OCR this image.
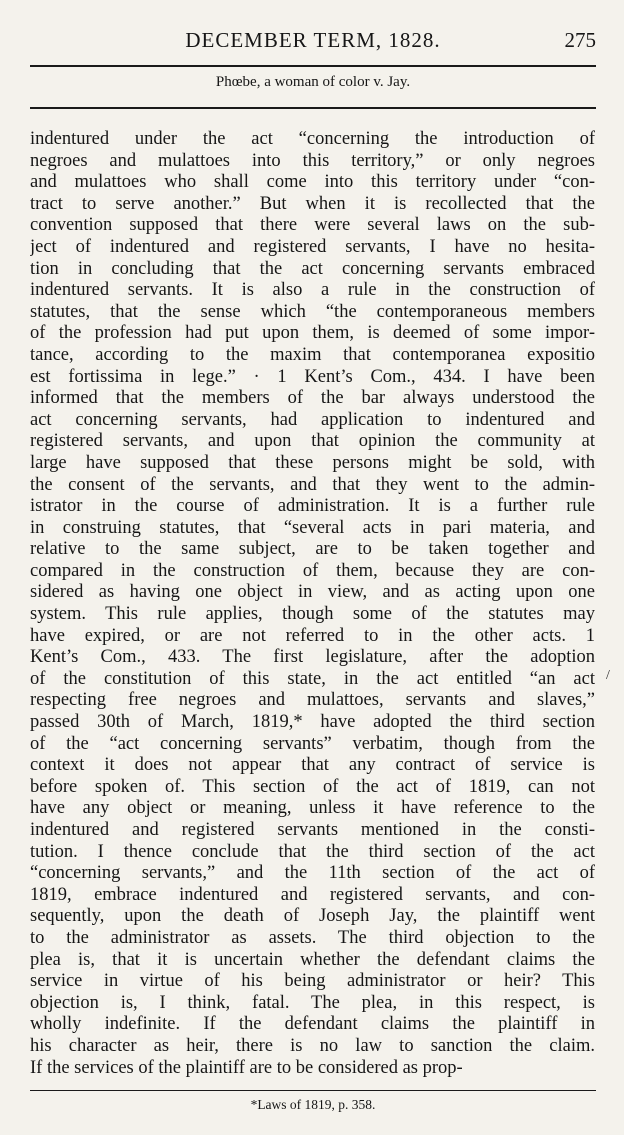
DECEMBER TERM, 1828.	275
Phœbe, a woman of color v. Jay.
indentured under the act “concerning the introduction of
negroes and mulattoes into this territory,” or only negroes
and mulattoes who shall come into this territory under “con-
tract to serve another.” But when it is recollected that the
convention supposed that there were several laws on the sub-
ject of indentured and registered servants, I have no hesita-
tion in concluding that the act concerning servants embraced
indentured servants. It is also a rule in the construction of
statutes, that the sense which “the contemporaneous members
of the profession had put upon them, is deemed of some impor-
tance, according to the maxim that contemporanea expositio
est fortissima in lege.” · 1 Kent’s Com., 434. I have been
informed that the members of the bar always understood the
act concerning servants, had application to indentured and
registered servants, and upon that opinion the community at
large have supposed that these persons might be sold, with
the consent of the servants, and that they went to the admin-
istrator in the course of administration. It is a further rule
in construing statutes, that “several acts in pari materia, and
relative to the same subject, are to be taken together and
compared in the construction of them, because they are con-
sidered as having one object in view, and as acting upon one
system. This rule applies, though some of the statutes may
have expired, or are not referred to in the other acts. 1
Kent’s Com., 433. The first legislature, after the adoption
of the constitution of this state, in the act entitled “an act
respecting free negroes and mulattoes, servants and slaves,”
passed 30th of March, 1819,* have adopted the third section
of the “act concerning servants” verbatim, though from the
context it does not appear that any contract of service is
before spoken of. This section of the act of 1819, can not
have any object or meaning, unless it have reference to the
indentured and registered servants mentioned in the consti-
tution. I thence conclude that the third section of the act
“concerning servants,” and the 11th section of the act of
1819, embrace indentured and registered servants, and con-
sequently, upon the death of Joseph Jay, the plaintiff went
to the administrator as assets. The third objection to the
plea is, that it is uncertain whether the defendant claims the
service in virtue of his being administrator or heir? This
objection is, I think, fatal. The plea, in this respect, is
wholly indefinite. If the defendant claims the plaintiff in
his character as heir, there is no law to sanction the claim.
If the services of the plaintiff are to be considered as prop-
/
*Laws of 1819, p. 358.
